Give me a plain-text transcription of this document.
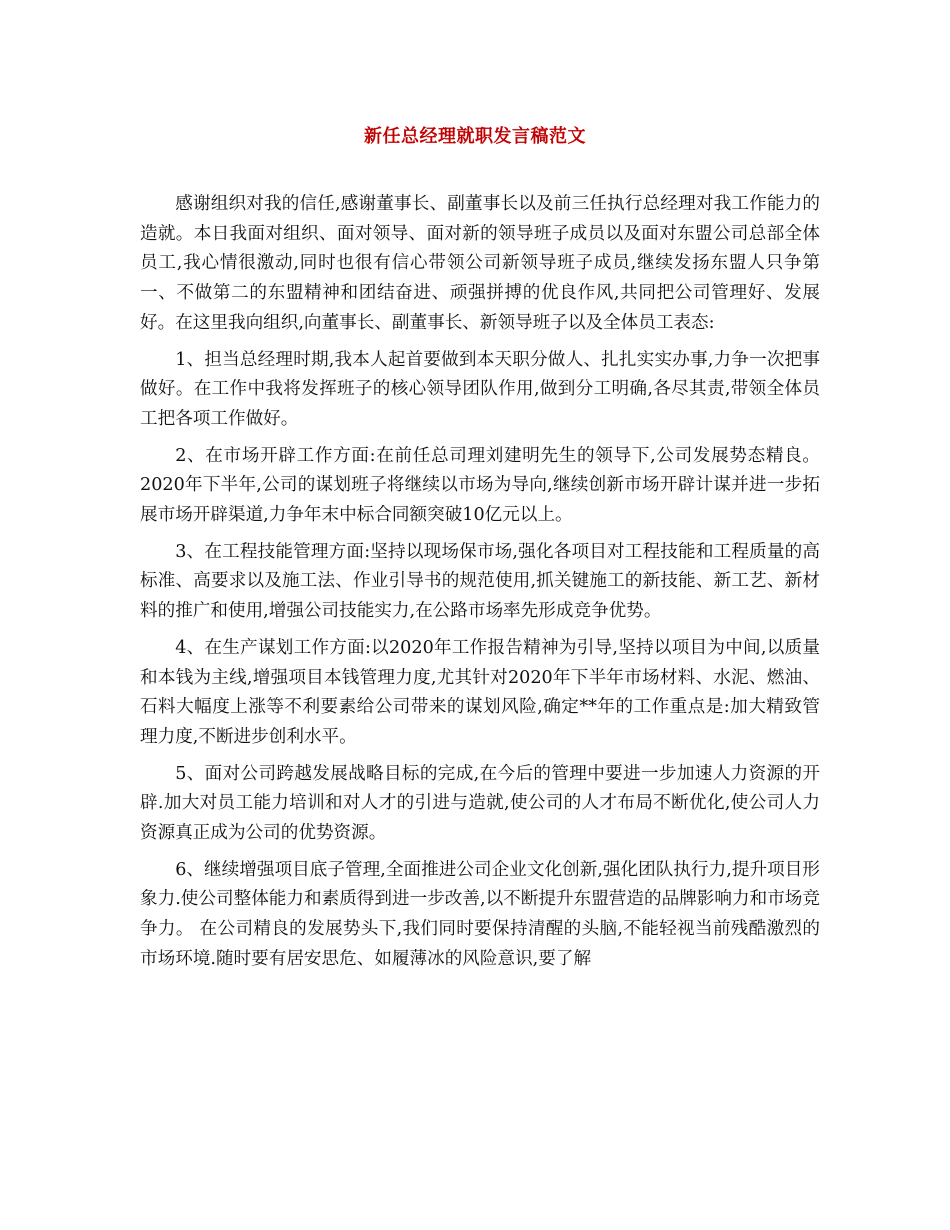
新任总经理就职发言稿范文

感谢组织对我的信任,感谢董事长、副董事长以及前三任执行总经理对我工作能力的造就。本日我面对组织、面对领导、面对新的领导班子成员以及面对东盟公司总部全体员工,我心情很激动,同时也很有信心带领公司新领导班子成员,继续发扬东盟人只争第一、不做第二的东盟精神和团结奋进、顽强拼搏的优良作风,共同把公司管理好、发展好。在这里我向组织,向董事长、副董事长、新领导班子以及全体员工表态:

1、担当总经理时期,我本人起首要做到本天职分做人、扎扎实实办事,力争一次把事做好。在工作中我将发挥班子的核心领导团队作用,做到分工明确,各尽其责,带领全体员工把各项工作做好。

2、在市场开辟工作方面:在前任总司理刘建明先生的领导下,公司发展势态精良。2020年下半年,公司的谋划班子将继续以市场为导向,继续创新市场开辟计谋并进一步拓展市场开辟渠道,力争年末中标合同额突破10亿元以上。

3、在工程技能管理方面:坚持以现场保市场,强化各项目对工程技能和工程质量的高标准、高要求以及施工法、作业引导书的规范使用,抓关键施工的新技能、新工艺、新材料的推广和使用,增强公司技能实力,在公路市场率先形成竞争优势。

4、在生产谋划工作方面:以2020年工作报告精神为引导,坚持以项目为中间,以质量和本钱为主线,增强项目本钱管理力度,尤其针对2020年下半年市场材料、水泥、燃油、石料大幅度上涨等不利要素给公司带来的谋划风险,确定**年的工作重点是:加大精致管理力度,不断进步创利水平。

5、面对公司跨越发展战略目标的完成,在今后的管理中要进一步加速人力资源的开辟.加大对员工能力培训和对人才的引进与造就,使公司的人才布局不断优化,使公司人力资源真正成为公司的优势资源。

6、继续增强项目底子管理,全面推进公司企业文化创新,强化团队执行力,提升项目形象力.使公司整体能力和素质得到进一步改善,以不断提升东盟营造的品牌影响力和市场竞争力。 在公司精良的发展势头下,我们同时要保持清醒的头脑,不能轻视当前残酷激烈的市场环境.随时要有居安思危、如履薄冰的风险意识,要了解
